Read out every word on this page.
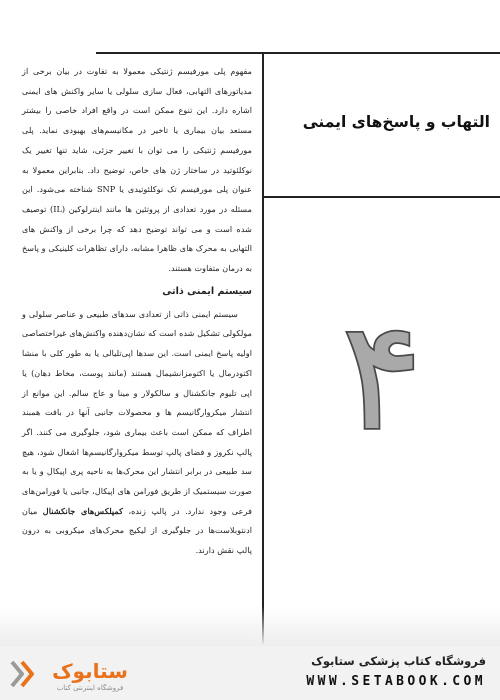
التهاب و پاسخ‌های ایمنی
۴

مفهوم پلی مورفیسم ژنتیکی معمولا به تفاوت در بیان برخی از مدیاتورهای التهابی، فعال سازی سلولی یا سایر واکنش های ایمنی اشاره دارد. این تنوع ممکن است در واقع افراد خاصی را بیشتر مستعد بیان بیماری یا تاخیر در مکانیسم‌های بهبودی نماید. پلی مورفیسم ژنتیکی را می توان با تغییر جزئی، شاید تنها تغییر یک نوکلئوتید در ساختار ژن های خاص، توضیح داد. بنابراین معمولا به عنوان پلی مورفیسم تک نوکلئوتیدی یا SNP شناخته می‌شود. این مسئله در مورد تعدادی از پروتئین ها مانند اینترلوکین (IL) توصیف شده است و می تواند توضیح دهد که چرا برخی از واکنش های التهابی به محرک های ظاهرا مشابه، دارای تظاهرات کلینیکی و پاسخ به درمان متفاوت هستند.

سیستم ایمنی ذاتی

سیستم ایمنی ذاتی از تعدادی سدهای طبیعی و عناصر سلولی و مولکولی تشکیل شده است که نشان‌دهنده واکنش‌های غیراختصاصی اولیه پاسخ ایمنی است. این سدها اپی‌تلیالی یا به طور کلی با منشا اکتودرمال یا اکتومزانشیمال هستند (مانند پوست، مخاط دهان) یا اپی تلیوم جانکشنال و سالکولار و مینا و عاج سالم. این موانع از انتشار میکروارگانیسم ها و محصولات جانبی آنها در بافت همبند اطراف که ممکن است باعث بیماری شود، جلوگیری می کنند. اگر پالپ نکروز و فضای پالپ توسط میکروارگانیسم‌ها اشغال شود، هیچ سد طبیعی در برابر انتشار این محرک‌ها به ناحیه پری اپیکال و یا به صورت سیستمیک از طریق فورامن های اپیکال، جانبی یا فورامن‌های فرعی وجود ندارد. در پالپ زنده، کمپلکس‌های جانکشنال میان ادنتوبلاست‌ها در جلوگیری از لیکیج محرک‌های میکروبی به درون پالپ نقش دارند.

ستابوک
فروشگاه اینترنتی کتاب
فروشگاه کتاب پزشکی ستابوک
WWW.SETABOOK.COM
